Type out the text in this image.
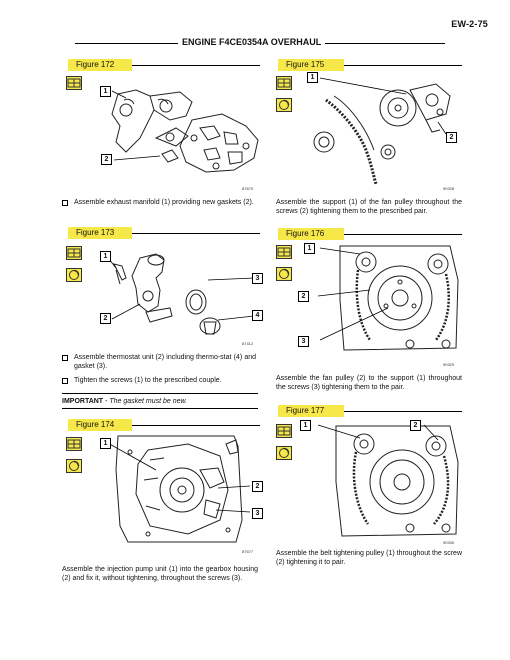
EW-2-75
ENGINE F4CE0354A OVERHAUL
Figure 172
1
2
87670
Assemble exhaust manifold (1) providing new gaskets (2).
Figure 173
1
3
2	4
87412
Assemble thermostat unit (2) including thermo-stat (4) and gasket (3).
Tighten the screws (1) to the prescribed couple.
IMPORTANT - The gasket must be new.
Figure 174
1
2
3
87677
Assemble the injection pump unit (1) into the gearbox housing (2) and fix it, without tightening, throughout the screws (3).
Figure 175
1
2
90328
Assemble the support (1) of the fan pulley throughout the screws (2) tightening them to the prescribed pair.
Figure 176
1
2
3
90329
Assemble the fan pulley (2) to the support (1) throughout the screws (3) tightening them to the pair.
Figure 177
1	2
90330
Assemble the belt tightening pulley (1) throughout the screw (2) tightening it to pair.
